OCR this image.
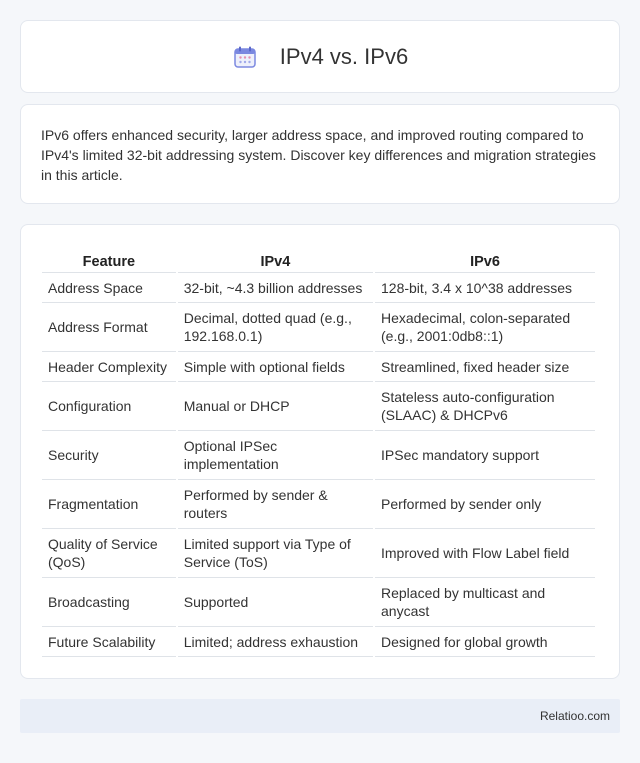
IPv4 vs. IPv6

IPv6 offers enhanced security, larger address space, and improved routing compared to IPv4's limited 32-bit addressing system. Discover key differences and migration strategies in this article.

Feature	IPv4	IPv6
Address Space	32-bit, ~4.3 billion addresses	128-bit, 3.4 x 10^38 addresses
Address Format	Decimal, dotted quad (e.g., 192.168.0.1)	Hexadecimal, colon-separated (e.g., 2001:0db8::1)
Header Complexity	Simple with optional fields	Streamlined, fixed header size
Configuration	Manual or DHCP	Stateless auto-configuration (SLAAC) & DHCPv6
Security	Optional IPSec implementation	IPSec mandatory support
Fragmentation	Performed by sender & routers	Performed by sender only
Quality of Service (QoS)	Limited support via Type of Service (ToS)	Improved with Flow Label field
Broadcasting	Supported	Replaced by multicast and anycast
Future Scalability	Limited; address exhaustion	Designed for global growth
Relatioo.com
